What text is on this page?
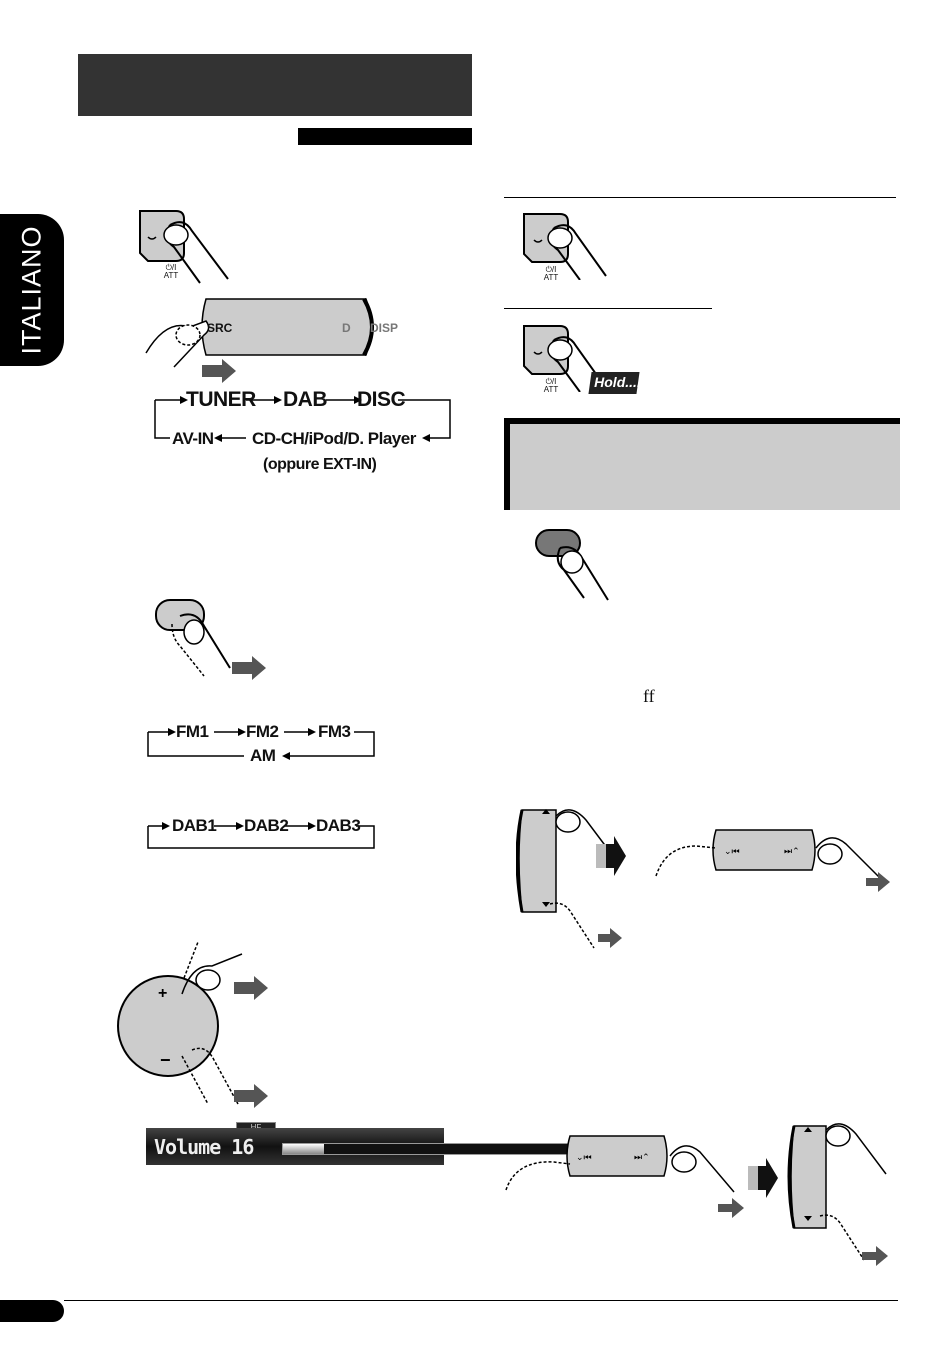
ITALIANO	⏻/I
ATT
SRC	D DISP
TUNER DAB DISC
AV-IN CD-CH/iPod/D. Player
(oppure EXT-IN)
FM1 FM2 FM3
AM
DAB1 DAB2 DAB3
+
−
Volume 16
⏻/I
ATT
⏻/I
ATT	Hold....
ff
⌄⏮	⏭⌃
⌄⏮	⏭⌃
